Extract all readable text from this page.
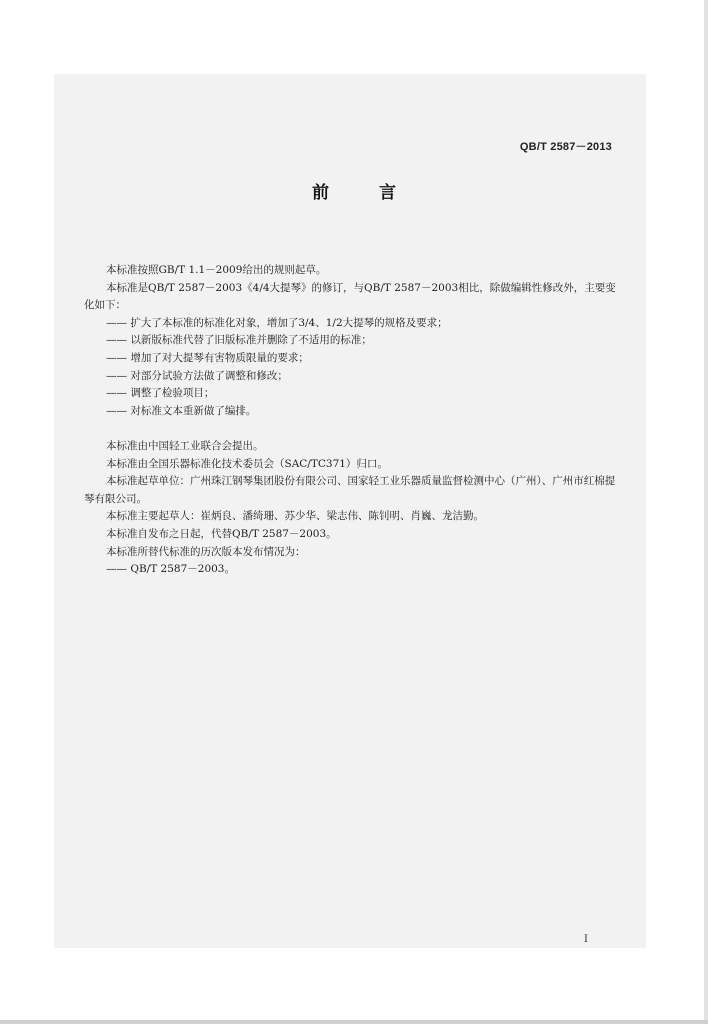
QB/T 2587－2013
前 言

本标准按照GB/T 1.1－2009给出的规则起草。

本标准是QB/T 2587－2003《4/4大提琴》的修订，与QB/T 2587－2003相比，除做编辑性修改外，主要变化如下：

—— 扩大了本标准的标准化对象，增加了3/4、1/2大提琴的规格及要求；

—— 以新版标准代替了旧版标准并删除了不适用的标准；

—— 增加了对大提琴有害物质限量的要求；

—— 对部分试验方法做了调整和修改；

—— 调整了检验项目；

—— 对标准文本重新做了编排。

本标准由中国轻工业联合会提出。

本标准由全国乐器标准化技术委员会（SAC/TC371）归口。

本标准起草单位：广州珠江钢琴集团股份有限公司、国家轻工业乐器质量监督检测中心（广州）、广州市红棉提琴有限公司。

本标准主要起草人：崔炳良、潘绮珊、苏少华、梁志伟、陈钊明、肖巍、龙洁勤。

本标准自发布之日起，代替QB/T 2587－2003。

本标准所替代标准的历次版本发布情况为：

—— QB/T 2587－2003。

I
